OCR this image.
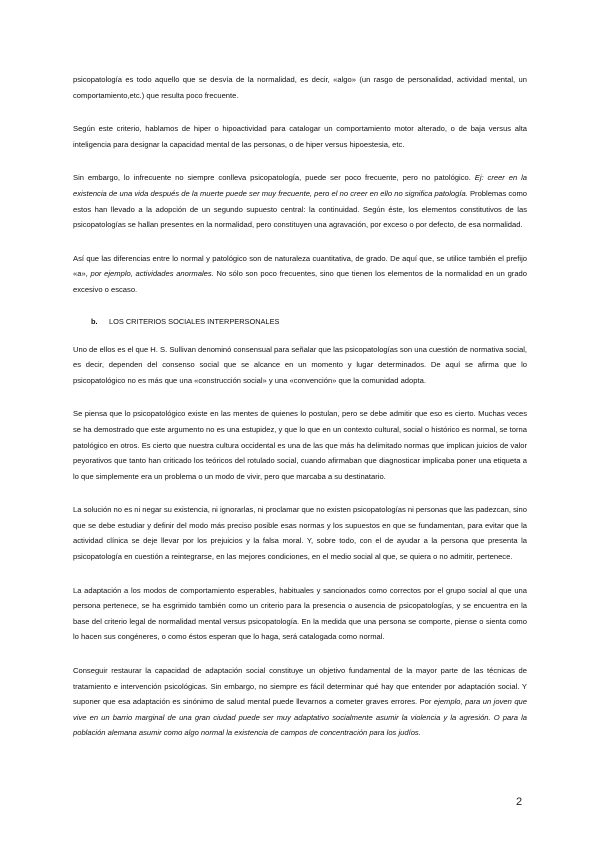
psicopatología es todo aquello que se desvía de la normalidad, es decir, «algo» (un rasgo de personalidad, actividad mental, un comportamiento,etc.) que resulta poco frecuente.

Según este criterio, hablamos de hiper o hipoactividad para catalogar un comportamiento motor alterado, o de baja versus alta inteligencia para designar la capacidad mental de las personas, o de hiper versus hipoestesia, etc.

Sin embargo, lo infrecuente no siempre conlleva psicopatología, puede ser poco frecuente, pero no patológico. Ej: creer en la existencia de una vida después de la muerte puede ser muy frecuente, pero el no creer en ello no significa patología. Problemas como estos han llevado a la adopción de un segundo supuesto central: la continuidad. Según éste, los elementos constitutivos de las psicopatologías se hallan presentes en la normalidad, pero constituyen una agravación, por exceso o por defecto, de esa normalidad.

Así que las diferencias entre lo normal y patológico son de naturaleza cuantitativa, de grado. De aquí que, se utilice también el prefijo «a», por ejemplo, actividades anormales. No sólo son poco frecuentes, sino que tienen los elementos de la normalidad en un grado excesivo o escaso.

b. LOS CRITERIOS SOCIALES INTERPERSONALES

Uno de ellos es el que H. S. Sullivan denominó consensual para señalar que las psicopatologías son una cuestión de normativa social, es decir, dependen del consenso social que se alcance en un momento y lugar determinados. De aquí se afirma que lo psicopatológico no es más que una «construcción social» y una «convención» que la comunidad adopta.

Se piensa que lo psicopatológico existe en las mentes de quienes lo postulan, pero se debe admitir que eso es cierto. Muchas veces se ha demostrado que este argumento no es una estupidez, y que lo que en un contexto cultural, social o histórico es normal, se torna patológico en otros. Es cierto que nuestra cultura occidental es una de las que más ha delimitado normas que implican juicios de valor peyorativos que tanto han criticado los teóricos del rotulado social, cuando afirmaban que diagnosticar implicaba poner una etiqueta a lo que simplemente era un problema o un modo de vivir, pero que marcaba a su destinatario.

La solución no es ni negar su existencia, ni ignorarlas, ni proclamar que no existen psicopatologías ni personas que las padezcan, sino que se debe estudiar y definir del modo más preciso posible esas normas y los supuestos en que se fundamentan, para evitar que la actividad clínica se deje llevar por los prejuicios y la falsa moral. Y, sobre todo, con el de ayudar a la persona que presenta la psicopatología en cuestión a reintegrarse, en las mejores condiciones, en el medio social al que, se quiera o no admitir, pertenece.

La adaptación a los modos de comportamiento esperables, habituales y sancionados como correctos por el grupo social al que una persona pertenece, se ha esgrimido también como un criterio para la presencia o ausencia de psicopatologías, y se encuentra en la base del criterio legal de normalidad mental versus psicopatología. En la medida que una persona se comporte, piense o sienta como lo hacen sus congéneres, o como éstos esperan que lo haga, será catalogada como normal.

Conseguir restaurar la capacidad de adaptación social constituye un objetivo fundamental de la mayor parte de las técnicas de tratamiento e intervención psicológicas. Sin embargo, no siempre es fácil determinar qué hay que entender por adaptación social. Y suponer que esa adaptación es sinónimo de salud mental puede llevarnos a cometer graves errores. Por ejemplo, para un joven que vive en un barrio marginal de una gran ciudad puede ser muy adaptativo socialmente asumir la violencia y la agresión. O para la población alemana asumir como algo normal la existencia de campos de concentración para los judíos.

2
